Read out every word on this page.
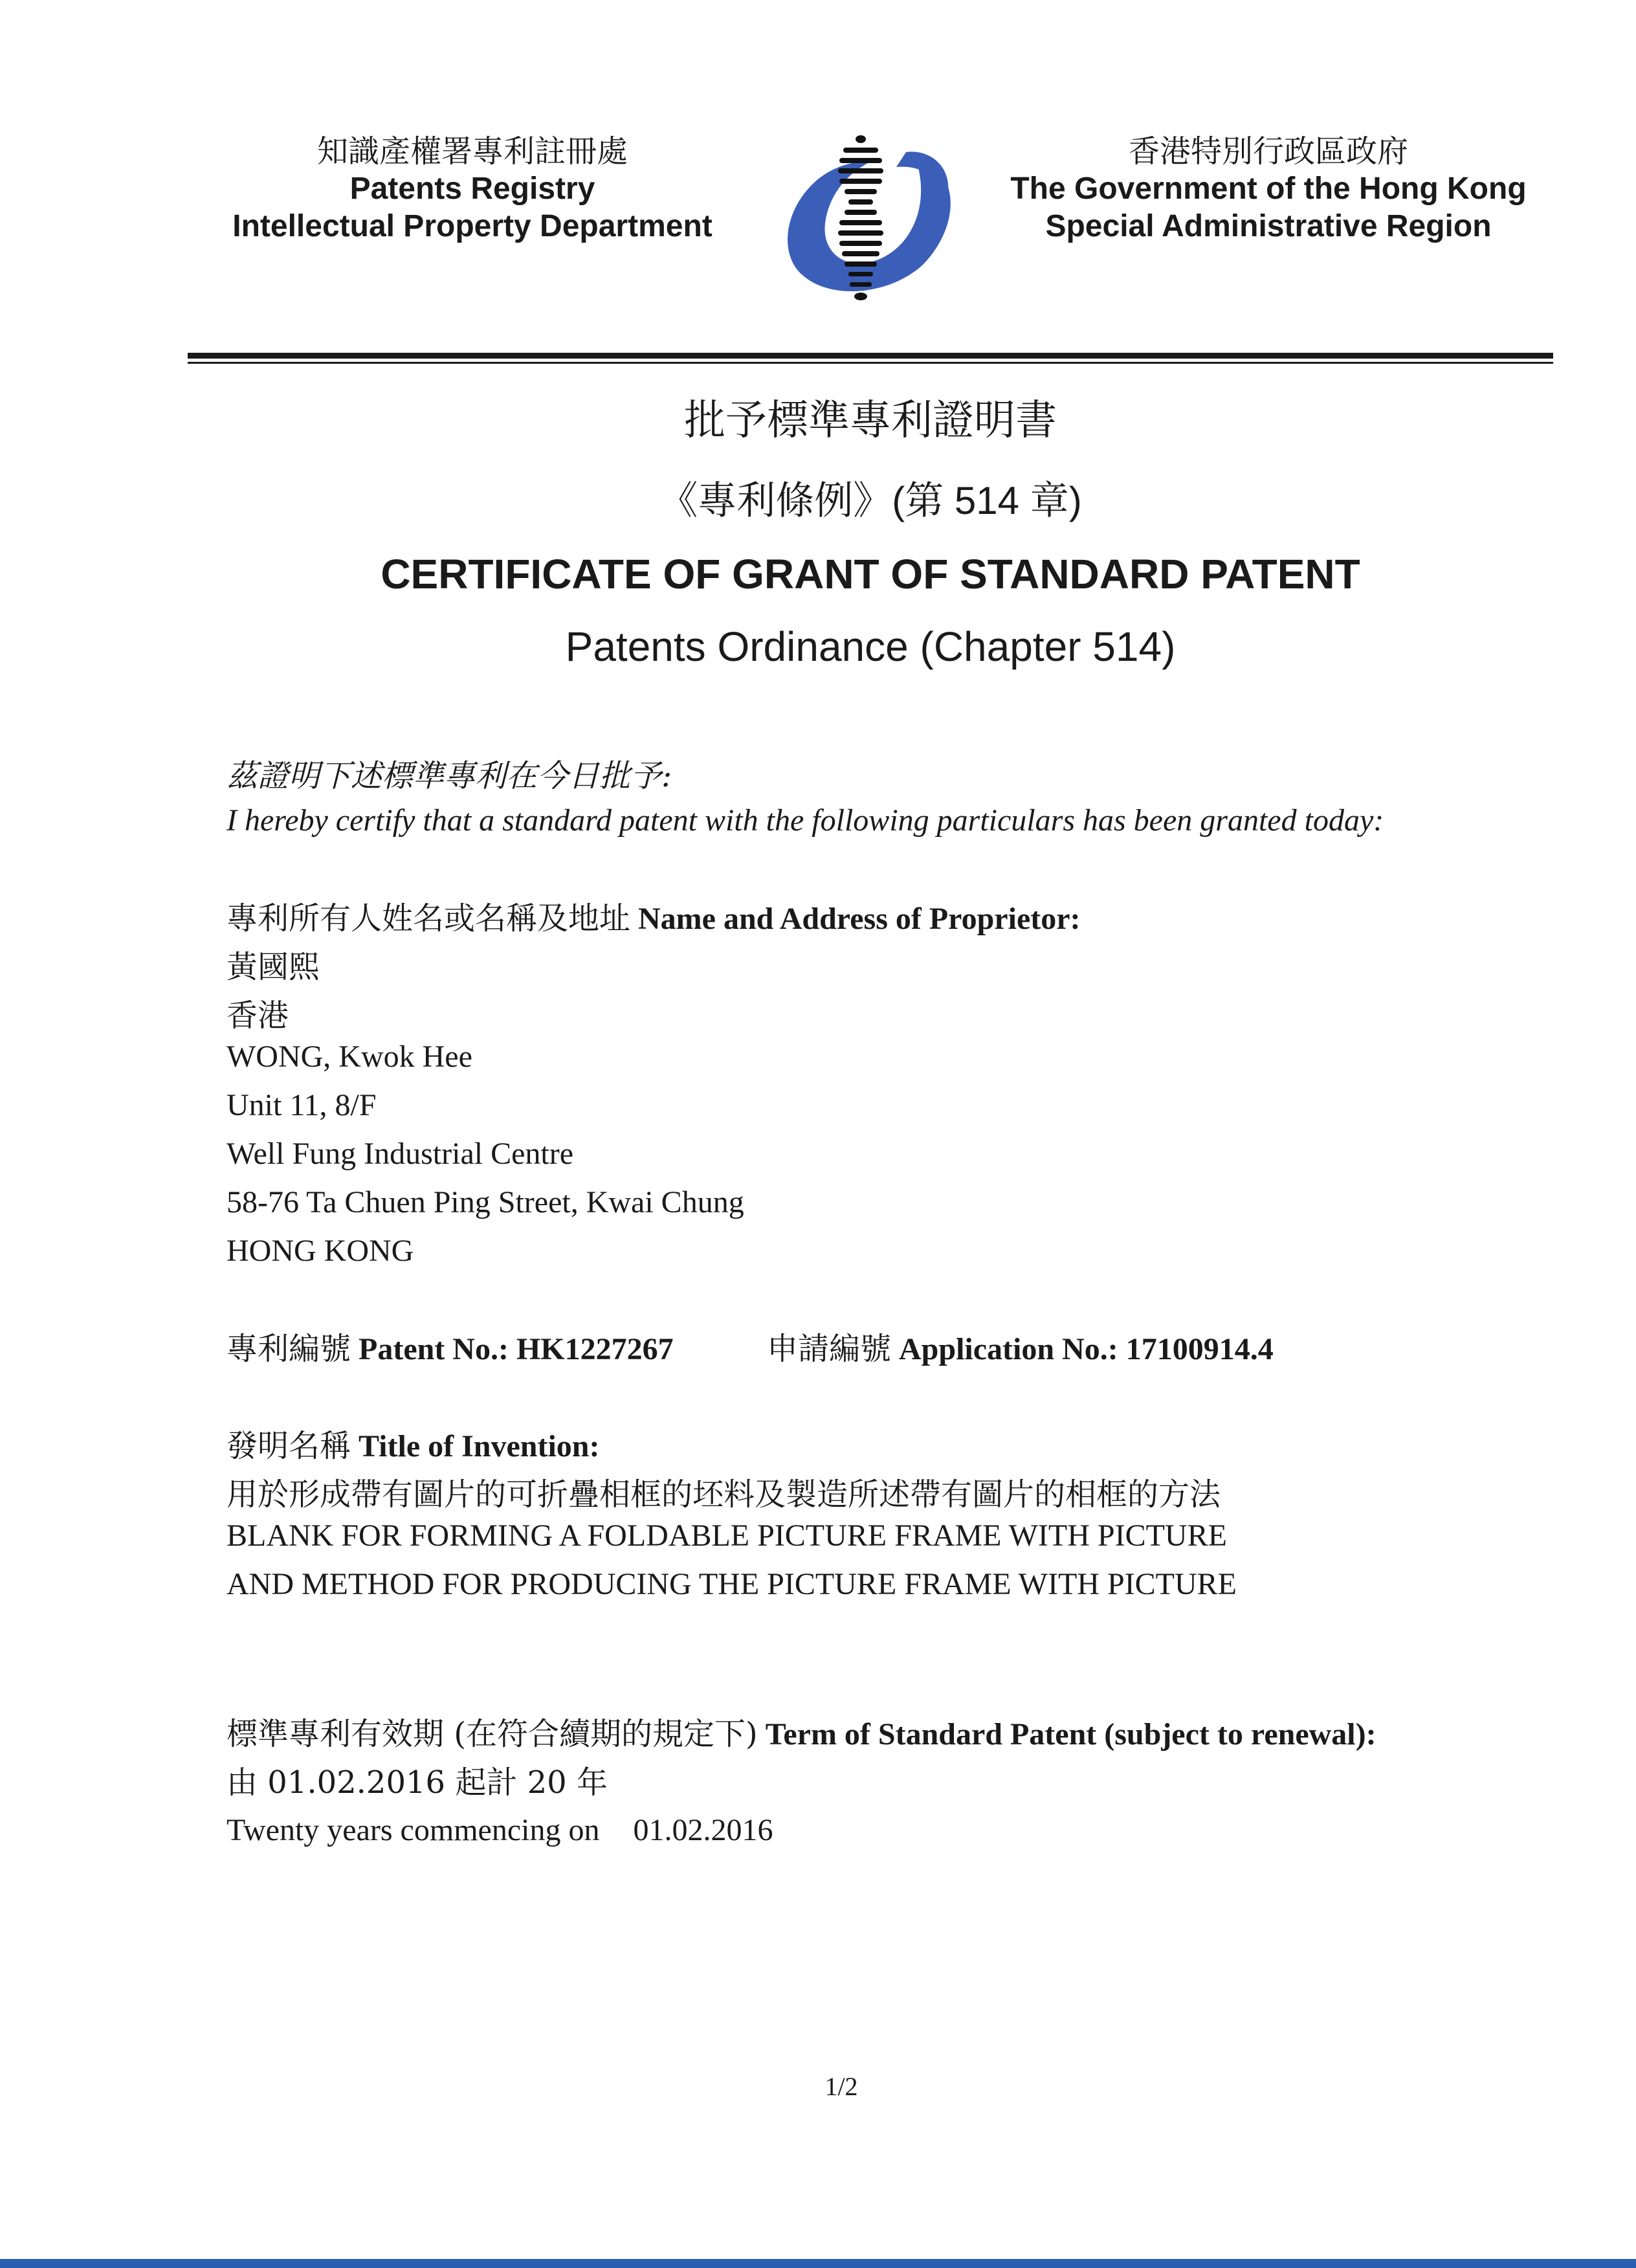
知識產權署專利註冊處
Patents Registry
Intellectual Property Department
香港特別行政區政府
The Government of the Hong Kong
Special Administrative Region
批予標準專利證明書
《專利條例》(第 514 章)
CERTIFICATE OF GRANT OF STANDARD PATENT
Patents Ordinance (Chapter 514)
茲證明下述標準專利在今日批予:
I hereby certify that a standard patent with the following particulars has been granted today:
專利所有人姓名或名稱及地址 Name and Address of Proprietor:
黃國熙
香港
WONG, Kwok Hee
Unit 11, 8/F
Well Fung Industrial Centre
58-76 Ta Chuen Ping Street, Kwai Chung
HONG KONG
專利編號 Patent No.: HK1227267	申請編號 Application No.: 17100914.4
發明名稱 Title of Invention:
用於形成帶有圖片的可折疊相框的坯料及製造所述帶有圖片的相框的方法
BLANK FOR FORMING A FOLDABLE PICTURE FRAME WITH PICTURE
AND METHOD FOR PRODUCING THE PICTURE FRAME WITH PICTURE
標準專利有效期 (在符合續期的規定下) Term of Standard Patent (subject to renewal):
由 01.02.2016 起計 20 年
Twenty years commencing on 01.02.2016
1/2
